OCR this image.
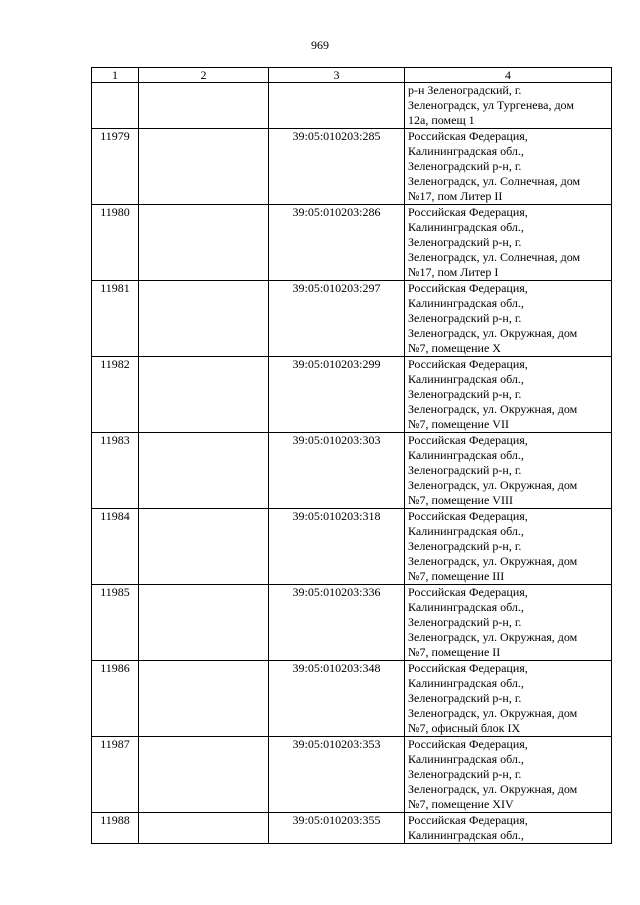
969
1	2	3	4
			р-н Зеленоградский, г.
Зеленоградск, ул Тургенева, дом
12а, помещ 1
11979		39:05:010203:285	Российская Федерация,
Калининградская обл.,
Зеленоградский р-н, г.
Зеленоградск, ул. Солнечная, дом
№17, пом Литер II
11980		39:05:010203:286	Российская Федерация,
Калининградская обл.,
Зеленоградский р-н, г.
Зеленоградск, ул. Солнечная, дом
№17, пом Литер I
11981		39:05:010203:297	Российская Федерация,
Калининградская обл.,
Зеленоградский р-н, г.
Зеленоградск, ул. Окружная, дом
№7, помещение X
11982		39:05:010203:299	Российская Федерация,
Калининградская обл.,
Зеленоградский р-н, г.
Зеленоградск, ул. Окружная, дом
№7, помещение VII
11983		39:05:010203:303	Российская Федерация,
Калининградская обл.,
Зеленоградский р-н, г.
Зеленоградск, ул. Окружная, дом
№7, помещение VIII
11984		39:05:010203:318	Российская Федерация,
Калининградская обл.,
Зеленоградский р-н, г.
Зеленоградск, ул. Окружная, дом
№7, помещение III
11985		39:05:010203:336	Российская Федерация,
Калининградская обл.,
Зеленоградский р-н, г.
Зеленоградск, ул. Окружная, дом
№7, помещение II
11986		39:05:010203:348	Российская Федерация,
Калининградская обл.,
Зеленоградский р-н, г.
Зеленоградск, ул. Окружная, дом
№7, офисный блок IX
11987		39:05:010203:353	Российская Федерация,
Калининградская обл.,
Зеленоградский р-н, г.
Зеленоградск, ул. Окружная, дом
№7, помещение XIV
11988		39:05:010203:355	Российская Федерация,
Калининградская обл.,
